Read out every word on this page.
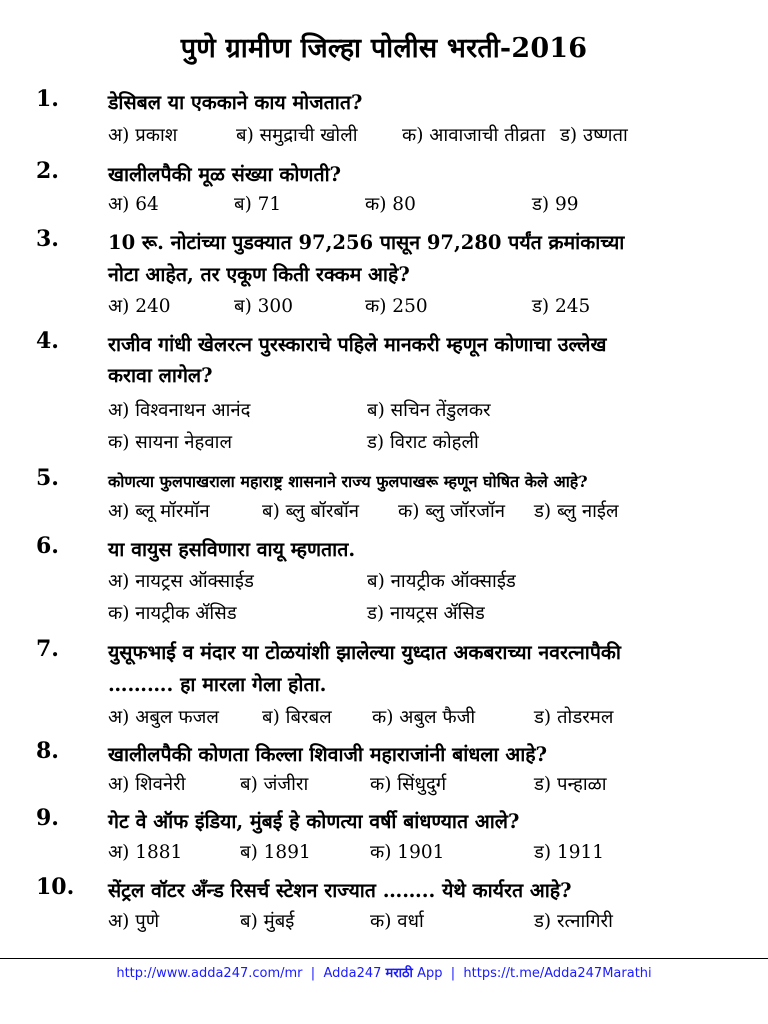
पुणे ग्रामीण जिल्हा पोलीस भरती-2016
1.	डेसिबल या एककाने काय मोजतात?
अ) प्रकाश	ब) समुद्राची खोली क) आवाजाची तीव्रता ड) उष्णता
2.	खालीलपैकी मूळ संख्या कोणती?
अ) 64	ब) 71	क) 80	ड) 99
3.	10 रू. नोटांच्या पुडक्यात 97,256 पासून 97,280 पर्यंत क्रमांकाच्या
नोटा आहेत, तर एकूण किती रक्कम आहे?
अ) 240	ब) 300	क) 250	ड) 245
4.	राजीव गांधी खेलरत्न पुरस्काराचे पहिले मानकरी म्हणून कोणाचा उल्लेख
करावा लागेल?
अ) विश्वनाथन आनंद	ब) सचिन तेंडुलकर
क) सायना नेहवाल	ड) विराट कोहली
5.	कोणत्या फुलपाखराला महाराष्ट्र शासनाने राज्य फुलपाखरू म्हणून घोषित केले आहे?
अ) ब्लू मॉरमॉन	ब) ब्लु बॉरबॉन क) ब्लु जॉरजॉन ड) ब्लु नाईल
6.	या वायुस हसविणारा वायू म्हणतात.
अ) नायट्रस ऑक्साईड	ब) नायट्रीक ऑक्साईड
क) नायट्रीक ॲसिड	ड) नायट्रस ॲसिड
7.	युसूफभाई व मंदार या टोळयांशी झालेल्या युध्दात अकबराच्या नवरत्नापैकी
………. हा मारला गेला होता.
अ) अबुल फजल ब) बिरबल क) अबुल फैजी	ड) तोडरमल
8.	खालीलपैकी कोणता किल्ला शिवाजी महाराजांनी बांधला आहे?
अ) शिवनेरी	ब) जंजीरा	क) सिंधुदुर्ग	ड) पन्हाळा
9.	गेट वे ऑफ इंडिया, मुंबई हे कोणत्या वर्षी बांधण्यात आले?
अ) 1881	ब) 1891	क) 1901	ड) 1911
10. सेंट्रल वॉटर अँन्ड रिसर्च स्टेशन राज्यात …….. येथे कार्यरत आहे?
अ) पुणे	ब) मुंबई	क) वर्धा	ड) रत्नागिरी
http://www.adda247.com/mr  |  Adda247 मराठी App  |  https://t.me/Adda247Marathi
